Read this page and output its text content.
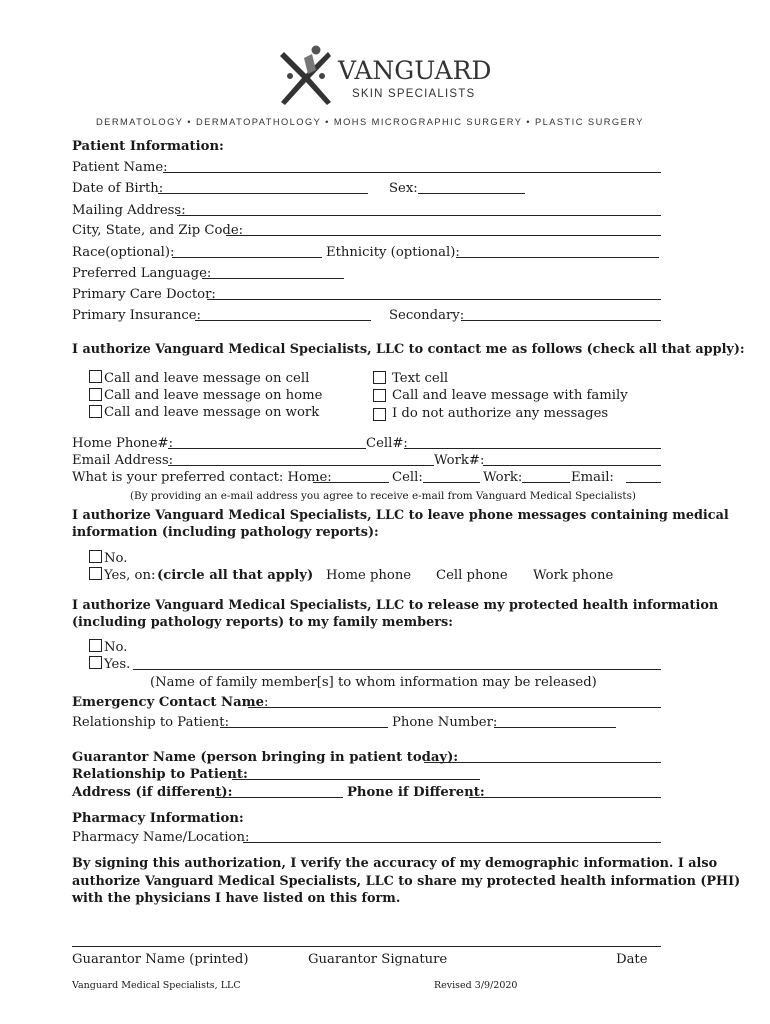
VANGUARD
SKIN SPECIALISTS
DERMATOLOGY • DERMATOPATHOLOGY • MOHS MICROGRAPHIC SURGERY • PLASTIC SURGERY
Patient Information:
Patient Name:
Date of Birth:	Sex:
Mailing Address:
City, State, and Zip Code:
Race(optional):	Ethnicity (optional):
Preferred Language:
Primary Care Doctor:
Primary Insurance:	Secondary:
I authorize Vanguard Medical Specialists, LLC to contact me as follows (check all that apply):
Call and leave message on cell
Call and leave message on home
Call and leave message on work
Text cell
Call and leave message with family
I do not authorize any messages
Home Phone#:	Cell#:
Email Address:	Work#:
What is your preferred contact: Home:	Cell:	Work:	Email:
(By providing an e-mail address you agree to receive e-mail from Vanguard Medical Specialists)
I authorize Vanguard Medical Specialists, LLC to leave phone messages containing medical
information (including pathology reports):
No.
Yes, on: (circle all that apply) Home phone Cell phone Work phone
I authorize Vanguard Medical Specialists, LLC to release my protected health information
(including pathology reports) to my family members:
No.
Yes.
(Name of family member[s] to whom information may be released)
Emergency Contact Name:
Relationship to Patient:	Phone Number:
Guarantor Name (person bringing in patient today):
Relationship to Patient:
Address (if different):	Phone if Different:
Pharmacy Information:
Pharmacy Name/Location:
By signing this authorization, I verify the accuracy of my demographic information. I also
authorize Vanguard Medical Specialists, LLC to share my protected health information (PHI)
with the physicians I have listed on this form.
Guarantor Name (printed)	Guarantor Signature	Date
Vanguard Medical Specialists, LLC	Revised 3/9/2020
